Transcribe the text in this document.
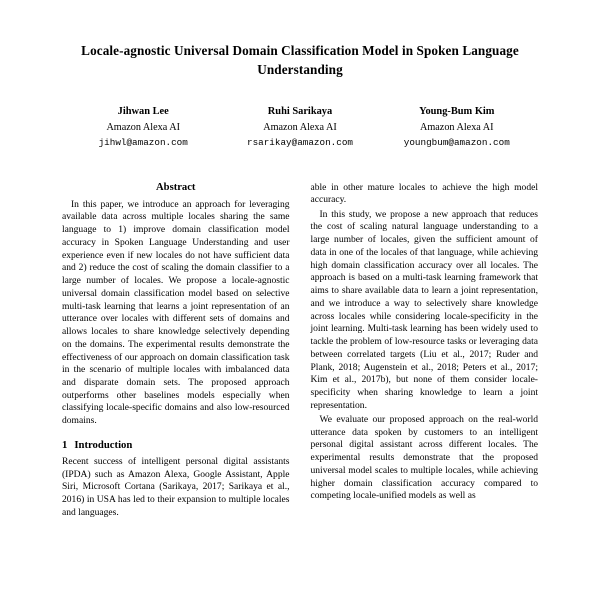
Locale-agnostic Universal Domain Classification Model in Spoken Language Understanding
Jihwan Lee
Amazon Alexa AI
jihwl@amazon.com
Ruhi Sarikaya
Amazon Alexa AI
rsarikay@amazon.com
Young-Bum Kim
Amazon Alexa AI
youngbum@amazon.com
Abstract

In this paper, we introduce an approach for leveraging available data across multiple locales sharing the same language to 1) improve domain classification model accuracy in Spoken Language Understanding and user experience even if new locales do not have sufficient data and 2) reduce the cost of scaling the domain classifier to a large number of locales. We propose a locale-agnostic universal domain classification model based on selective multi-task learning that learns a joint representation of an utterance over locales with different sets of domains and allows locales to share knowledge selectively depending on the domains. The experimental results demonstrate the effectiveness of our approach on domain classification task in the scenario of multiple locales with imbalanced data and disparate domain sets. The proposed approach outperforms other baselines models especially when classifying locale-specific domains and also low-resourced domains.

1 Introduction

Recent success of intelligent personal digital assistants (IPDA) such as Amazon Alexa, Google Assistant, Apple Siri, Microsoft Cortana (Sarikaya, 2017; Sarikaya et al., 2016) in USA has led to their expansion to multiple locales and languages.

able in other mature locales to achieve the high model accuracy.

In this study, we propose a new approach that reduces the cost of scaling natural language understanding to a large number of locales, given the sufficient amount of data in one of the locales of that language, while achieving high domain classification accuracy over all locales. The approach is based on a multi-task learning framework that aims to share available data to learn a joint representation, and we introduce a way to selectively share knowledge across locales while considering locale-specificity in the joint learning. Multi-task learning has been widely used to tackle the problem of low-resource tasks or leveraging data between correlated targets (Liu et al., 2017; Ruder and Plank, 2018; Augenstein et al., 2018; Peters et al., 2017; Kim et al., 2017b), but none of them consider locale-specificity when sharing knowledge to learn a joint representation.

We evaluate our proposed approach on the real-world utterance data spoken by customers to an intelligent personal digital assistant across different locales. The experimental results demonstrate that the proposed universal model scales to multiple locales, while achieving higher domain classification accuracy compared to competing locale-unified models as well as
